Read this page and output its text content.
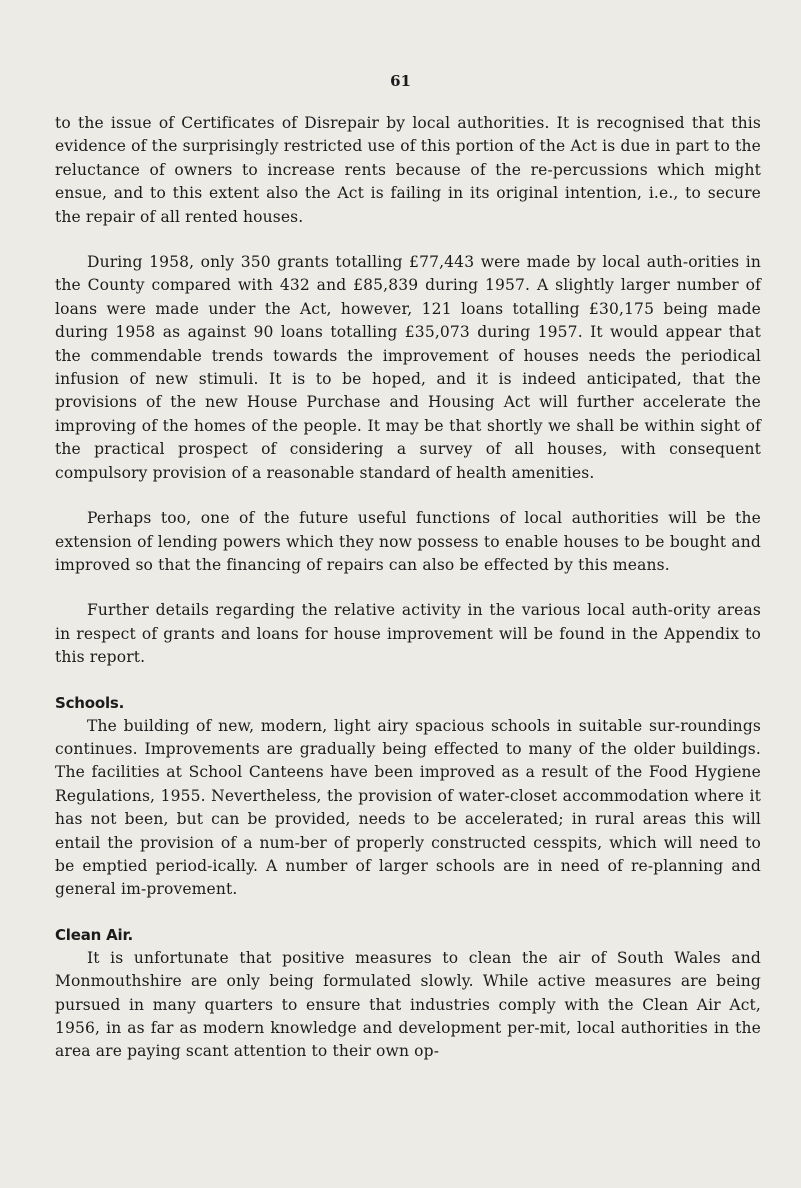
61

to the issue of Certificates of Disrepair by local authorities. It is recognised that this evidence of the surprisingly restricted use of this portion of the Act is due in part to the reluctance of owners to increase rents because of the re-percussions which might ensue, and to this extent also the Act is failing in its original intention, i.e., to secure the repair of all rented houses.

During 1958, only 350 grants totalling £77,443 were made by local auth-orities in the County compared with 432 and £85,839 during 1957. A slightly larger number of loans were made under the Act, however, 121 loans totalling £30,175 being made during 1958 as against 90 loans totalling £35,073 during 1957. It would appear that the commendable trends towards the improvement of houses needs the periodical infusion of new stimuli. It is to be hoped, and it is indeed anticipated, that the provisions of the new House Purchase and Housing Act will further accelerate the improving of the homes of the people. It may be that shortly we shall be within sight of the practical prospect of considering a survey of all houses, with consequent compulsory provision of a reasonable standard of health amenities.

Perhaps too, one of the future useful functions of local authorities will be the extension of lending powers which they now possess to enable houses to be bought and improved so that the financing of repairs can also be effected by this means.

Further details regarding the relative activity in the various local auth-ority areas in respect of grants and loans for house improvement will be found in the Appendix to this report.

Schools.

The building of new, modern, light airy spacious schools in suitable sur-roundings continues. Improvements are gradually being effected to many of the older buildings. The facilities at School Canteens have been improved as a result of the Food Hygiene Regulations, 1955. Nevertheless, the provision of water-closet accommodation where it has not been, but can be provided, needs to be accelerated; in rural areas this will entail the provision of a num-ber of properly constructed cesspits, which will need to be emptied period-ically. A number of larger schools are in need of re-planning and general im-provement.

Clean Air.

It is unfortunate that positive measures to clean the air of South Wales and Monmouthshire are only being formulated slowly. While active measures are being pursued in many quarters to ensure that industries comply with the Clean Air Act, 1956, in as far as modern knowledge and development per-mit, local authorities in the area are paying scant attention to their own op-
